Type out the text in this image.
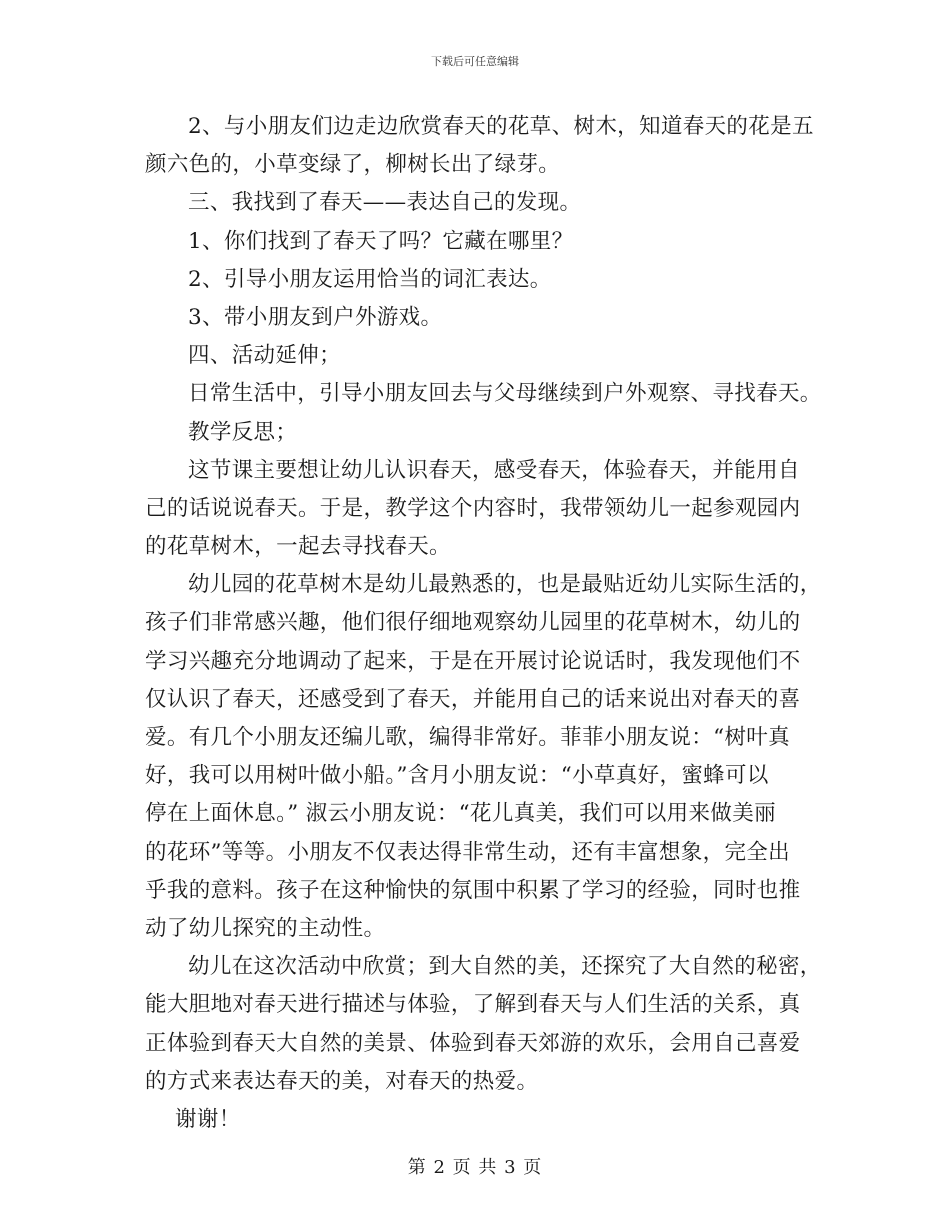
下载后可任意编辑
2、与小朋友们边走边欣赏春天的花草、树木，知道春天的花是五
颜六色的，小草变绿了，柳树长出了绿芽。
三、我找到了春天——表达自己的发现。
1、你们找到了春天了吗？它藏在哪里？
2、引导小朋友运用恰当的词汇表达。
3、带小朋友到户外游戏。
四、活动延伸；
日常生活中，引导小朋友回去与父母继续到户外观察、寻找春天。
教学反思；
这节课主要想让幼儿认识春天，感受春天，体验春天，并能用自
己的话说说春天。于是，教学这个内容时，我带领幼儿一起参观园内
的花草树木，一起去寻找春天。
幼儿园的花草树木是幼儿最熟悉的，也是最贴近幼儿实际生活的，
孩子们非常感兴趣，他们很仔细地观察幼儿园里的花草树木，幼儿的
学习兴趣充分地调动了起来，于是在开展讨论说话时，我发现他们不
仅认识了春天，还感受到了春天，并能用自己的话来说出对春天的喜
爱。有几个小朋友还编儿歌，编得非常好。菲菲小朋友说：“树叶真
好，我可以用树叶做小船。”含月小朋友说：“小草真好，蜜蜂可以
停在上面休息。” 淑云小朋友说：“花儿真美，我们可以用来做美丽
的花环”等等。小朋友不仅表达得非常生动，还有丰富想象，完全出
乎我的意料。孩子在这种愉快的氛围中积累了学习的经验，同时也推
动了幼儿探究的主动性。
幼儿在这次活动中欣赏；到大自然的美，还探究了大自然的秘密，
能大胆地对春天进行描述与体验，了解到春天与人们生活的关系，真
正体验到春天大自然的美景、体验到春天郊游的欢乐，会用自己喜爱
的方式来表达春天的美，对春天的热爱。
谢谢！
第 2 页 共 3 页
